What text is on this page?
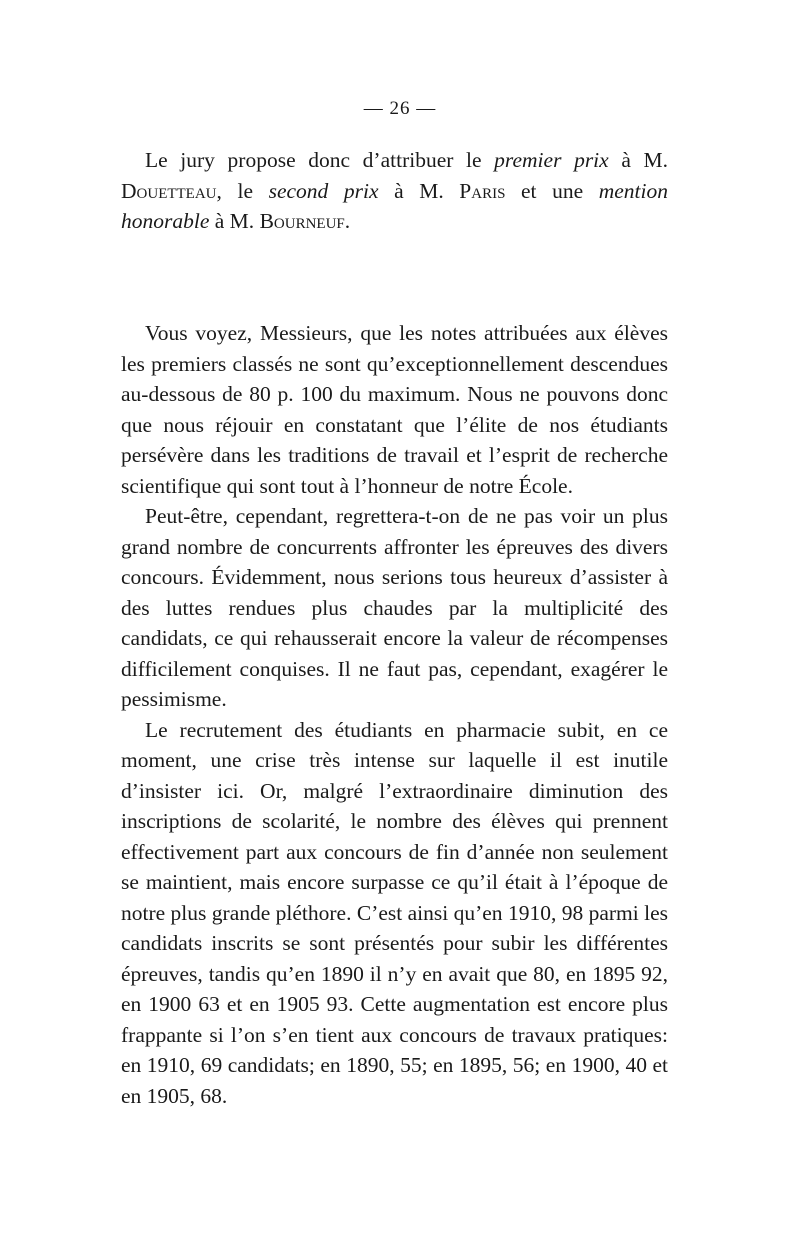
— 26 —

Le jury propose donc d’attribuer le premier prix à M. Douetteau, le second prix à M. Paris et une mention honorable à M. Bourneuf.

Vous voyez, Messieurs, que les notes attribuées aux élèves les premiers classés ne sont qu’exceptionnellement descendues au-dessous de 80 p. 100 du maximum. Nous ne pouvons donc que nous réjouir en constatant que l’élite de nos étudiants persévère dans les traditions de travail et l’esprit de recherche scientifique qui sont tout à l’honneur de notre École.

Peut-être, cependant, regrettera-t-on de ne pas voir un plus grand nombre de concurrents affronter les épreuves des divers concours. Évidemment, nous serions tous heureux d’assister à des luttes rendues plus chaudes par la multiplicité des candidats, ce qui rehausserait encore la valeur de récompenses difficilement conquises. Il ne faut pas, cependant, exagérer le pessimisme.

Le recrutement des étudiants en pharmacie subit, en ce moment, une crise très intense sur laquelle il est inutile d’insister ici. Or, malgré l’extraordinaire diminution des inscriptions de scolarité, le nombre des élèves qui prennent effectivement part aux concours de fin d’année non seulement se maintient, mais encore surpasse ce qu’il était à l’époque de notre plus grande pléthore. C’est ainsi qu’en 1910, 98 parmi les candidats inscrits se sont présentés pour subir les différentes épreuves, tandis qu’en 1890 il n’y en avait que 80, en 1895 92, en 1900 63 et en 1905 93. Cette augmentation est encore plus frappante si l’on s’en tient aux concours de travaux pratiques: en 1910, 69 candidats; en 1890, 55; en 1895, 56; en 1900, 40 et en 1905, 68.
